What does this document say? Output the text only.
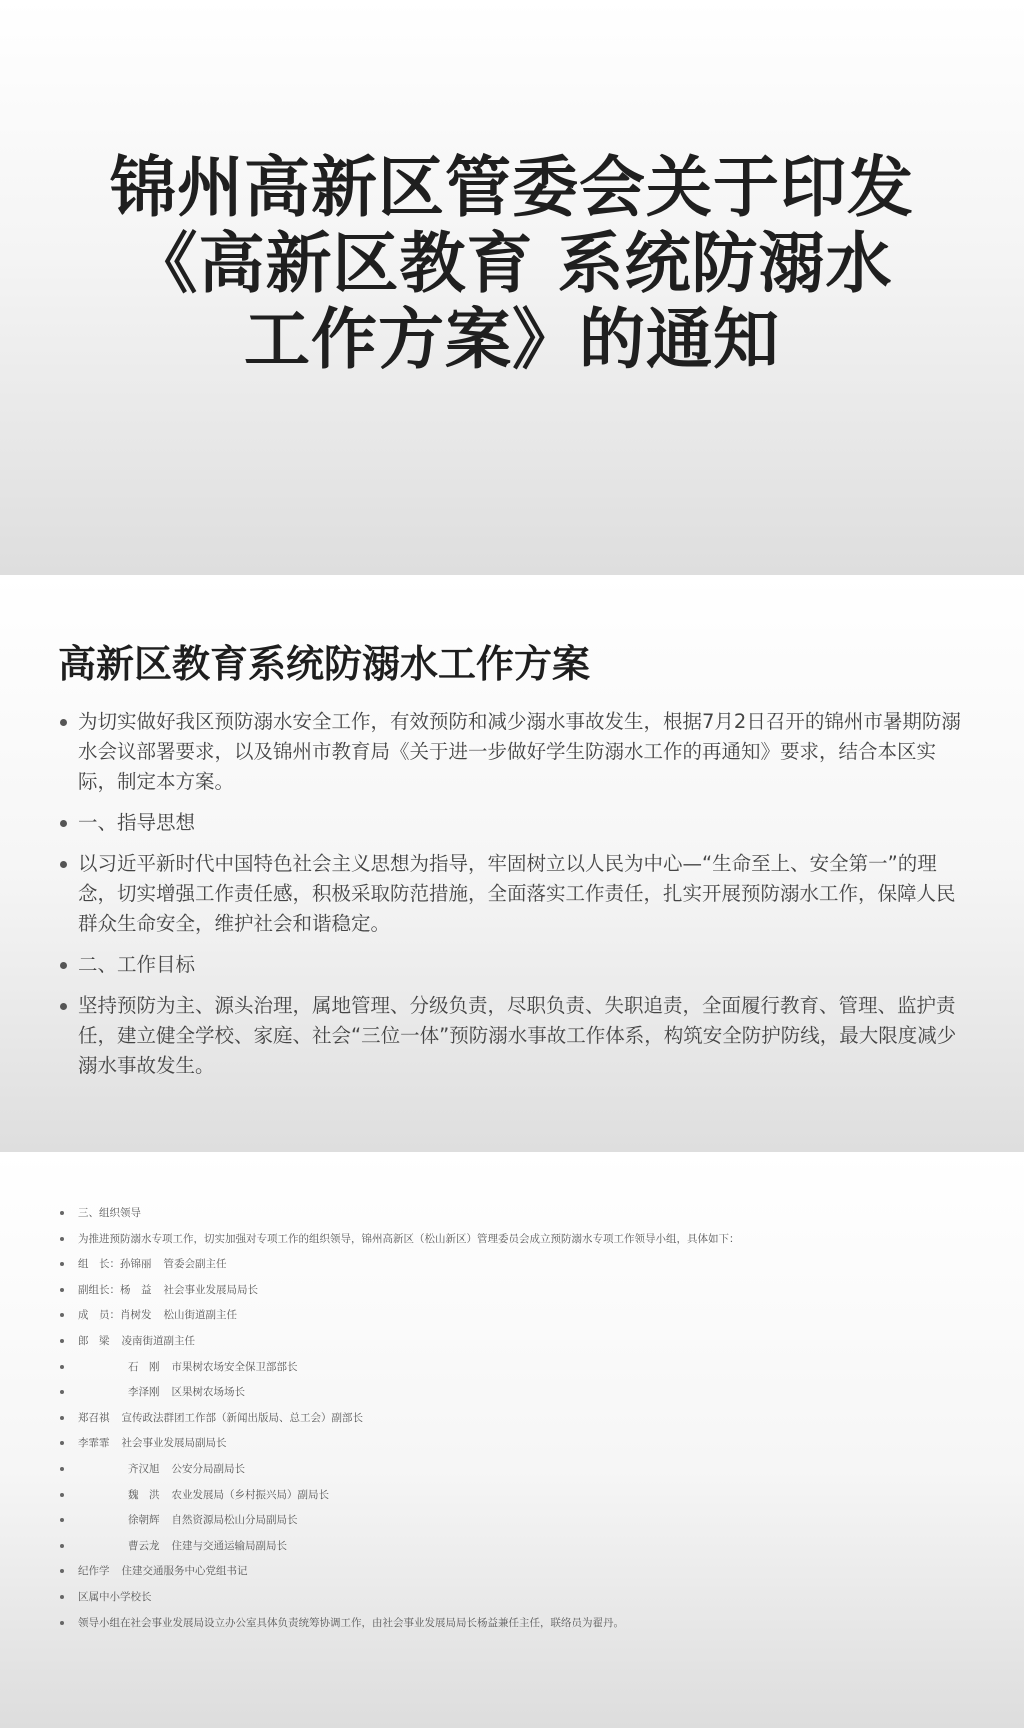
锦州高新区管委会关于印发
《高新区教育 系统防溺水
工作方案》的通知
高新区教育系统防溺水工作方案
为切实做好我区预防溺水安全工作，有效预防和减少溺水事故发生，根据7月2日召开的锦州市暑期防溺水会议部署要求，以及锦州市教育局《关于进一步做好学生防溺水工作的再通知》要求，结合本区实际，制定本方案。
一、指导思想
以习近平新时代中国特色社会主义思想为指导，牢固树立以人民为中心—“生命至上、安全第一”的理念，切实增强工作责任感，积极采取防范措施，全面落实工作责任，扎实开展预防溺水工作，保障人民群众生命安全，维护社会和谐稳定。
二、工作目标
坚持预防为主、源头治理，属地管理、分级负责，尽职负责、失职追责，全面履行教育、管理、监护责任，建立健全学校、家庭、社会“三位一体”预防溺水事故工作体系，构筑安全防护防线，最大限度减少溺水事故发生。
三、组织领导
为推进预防溺水专项工作，切实加强对专项工作的组织领导，锦州高新区（松山新区）管理委员会成立预防溺水专项工作领导小组，具体如下：
组　长：孙锦丽 管委会副主任
副组长：杨　益 社会事业发展局局长
成　员：肖树发 松山街道副主任
郎　梁 凌南街道副主任
石　刚 市果树农场安全保卫部部长
李泽刚 区果树农场场长
郑召祺 宣传政法群团工作部（新闻出版局、总工会）副部长
李霏霏 社会事业发展局副局长
齐汉旭 公安分局副局长
魏　洪 农业发展局（乡村振兴局）副局长
徐朝辉 自然资源局松山分局副局长
曹云龙 住建与交通运输局副局长
纪作学 住建交通服务中心党组书记
区属中小学校长
领导小组在社会事业发展局设立办公室具体负责统筹协调工作，由社会事业发展局局长杨益兼任主任，联络员为翟丹。
